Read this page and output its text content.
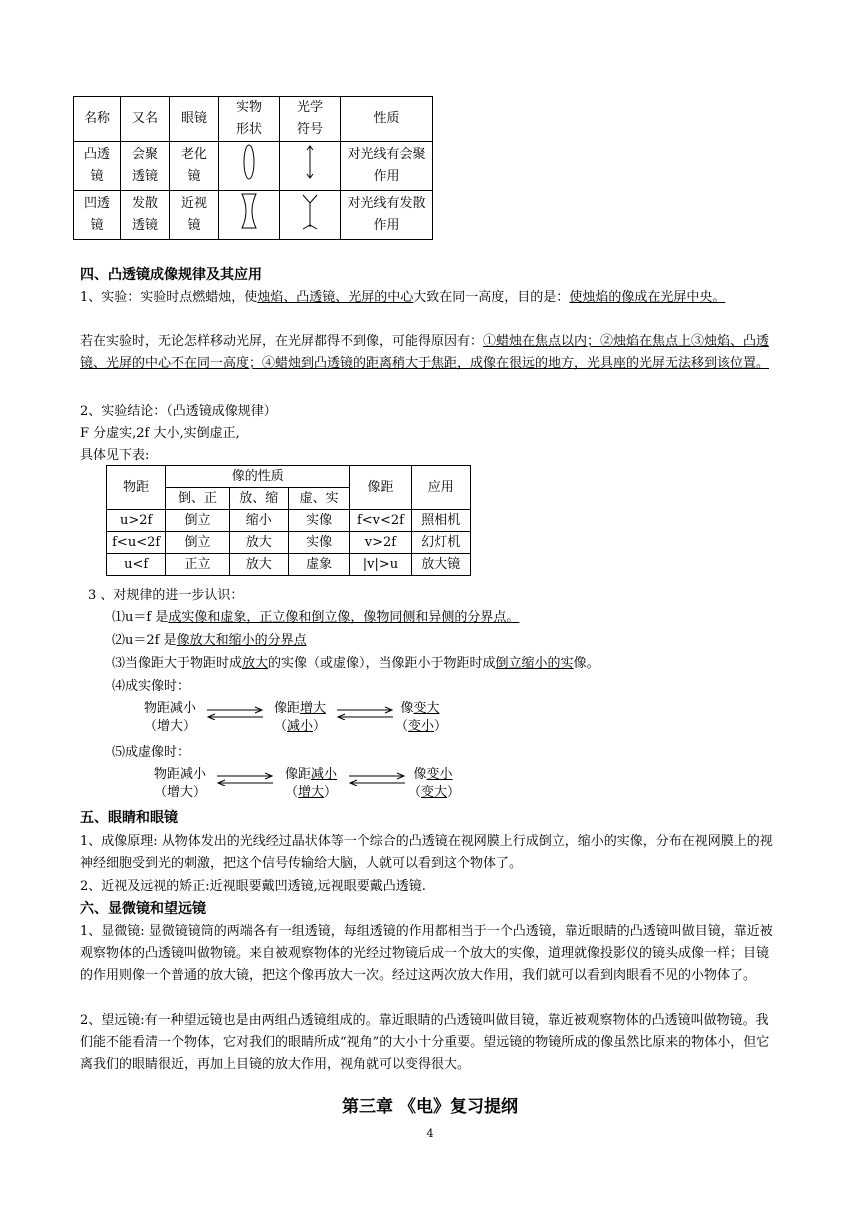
名称	又名	眼镜	实物形状	光学符号	性质

凸透镜	会聚透镜	老化镜			对光线有会聚作用

凹透镜	发散透镜	近视镜			对光线有发散作用
四、凸透镜成像规律及其应用
1、实验：实验时点燃蜡烛，使烛焰、凸透镜、光屏的中心大致在同一高度，目的是：使烛焰的像成在光屏中央。
若在实验时，无论怎样移动光屏，在光屏都得不到像，可能得原因有：①蜡烛在焦点以内；②烛焰在焦点上③烛焰、凸透镜、光屏的中心不在同一高度；④蜡烛到凸透镜的距离稍大于焦距，成像在很远的地方，光具座的光屏无法移到该位置。
2、实验结论：（凸透镜成像规律）
F 分虚实,2f 大小,实倒虚正,
具体见下表:
物距	像的性质			像距	应用
	倒、正	放、缩	虚、实		
u>2f	倒立	缩小	实像	f<v<2f	照相机
f<u<2f	倒立	放大	实像	v>2f	幻灯机
u<f	正立	放大	虚象	|v|>u	放大镜
3 、对规律的进一步认识：
⑴u＝f 是成实像和虚象，正立像和倒立像，像物同侧和异侧的分界点。
⑵u＝2f 是像放大和缩小的分界点
⑶当像距大于物距时成放大的实像（或虚像），当像距小于物距时成倒立缩小的实像。
⑷成实像时：
物距减小
（增大）
像距增大
（减小）
像变大
（变小）
⑸成虚像时：
物距减小
（增大）
像距减小
（增大）
像变小
（变大）
五、眼睛和眼镜
1、成像原理: 从物体发出的光线经过晶状体等一个综合的凸透镜在视网膜上行成倒立，缩小的实像，分布在视网膜上的视神经细胞受到光的刺激，把这个信号传输给大脑，人就可以看到这个物体了。
2、近视及远视的矫正:近视眼要戴凹透镜,远视眼要戴凸透镜.
六、显微镜和望远镜
1、显微镜: 显微镜镜筒的两端各有一组透镜，每组透镜的作用都相当于一个凸透镜，靠近眼睛的凸透镜叫做目镜，靠近被观察物体的凸透镜叫做物镜。来自被观察物体的光经过物镜后成一个放大的实像，道理就像投影仪的镜头成像一样；目镜的作用则像一个普通的放大镜，把这个像再放大一次。经过这两次放大作用，我们就可以看到肉眼看不见的小物体了。
2、望远镜:有一种望远镜也是由两组凸透镜组成的。靠近眼睛的凸透镜叫做目镜，靠近被观察物体的凸透镜叫做物镜。我们能不能看清一个物体，它对我们的眼睛所成“视角”的大小十分重要。望远镜的物镜所成的像虽然比原来的物体小，但它离我们的眼睛很近，再加上目镜的放大作用，视角就可以变得很大。
第三章 《电》复习提纲
4
